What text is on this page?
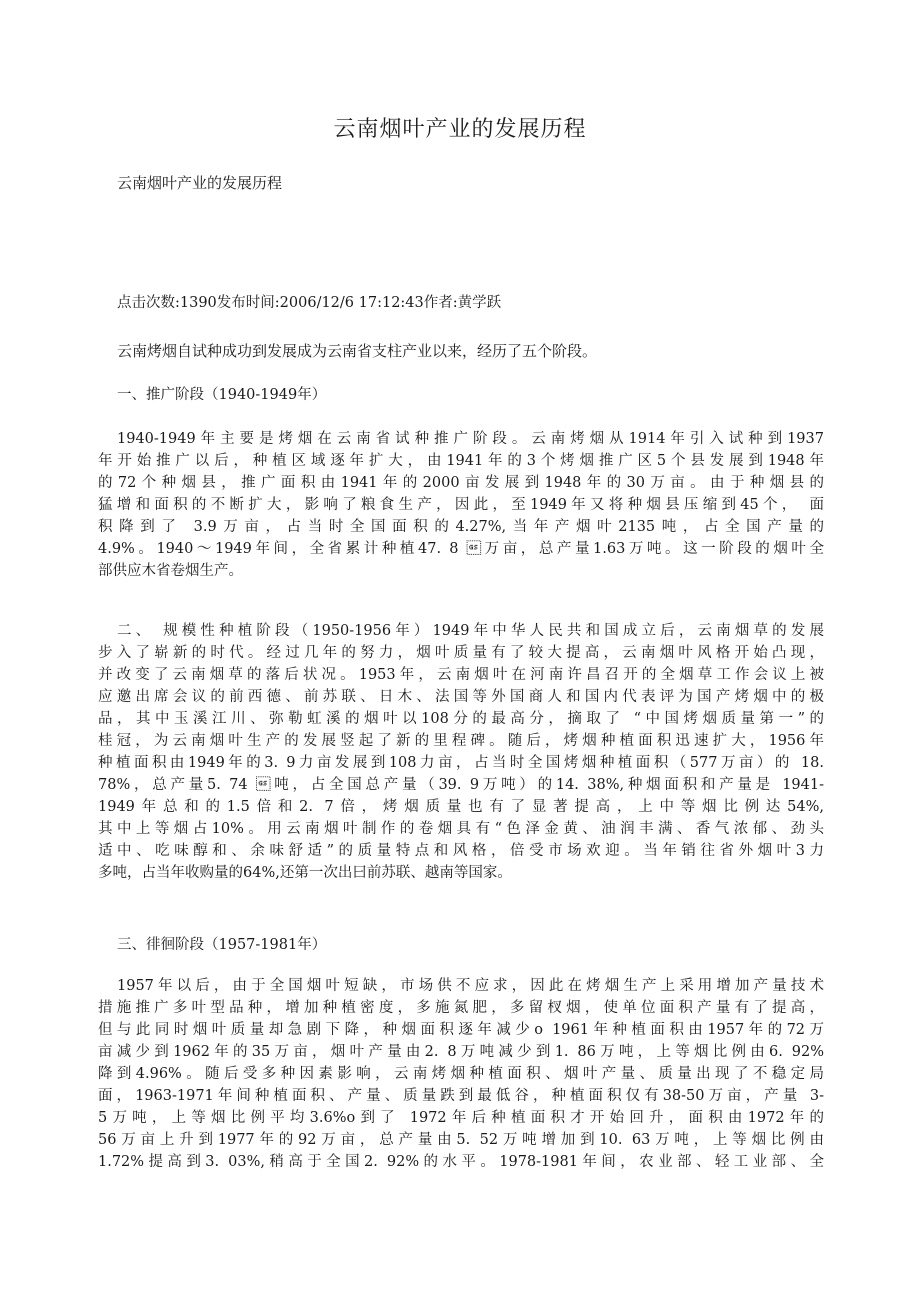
云南烟叶产业的发展历程

云南烟叶产业的发展历程

点击次数:1390发布时间:2006/12/6 17:12:43作者:黄学跃

云南烤烟自试种成功到发展成为云南省支柱产业以来，经历了五个阶段。

一、推广阶段（1940-1949年）

1940-1949年主要是烤烟在云南省试种推广阶段。云南烤烟从1914年引入试种到1937
年开始推广以后，种植区域逐年扩大，由1941年的3个烤烟推广区5个县发展到1948年
的72个种烟县，推广面积由1941年的2000亩发展到1948年的30万亩。由于种烟县的
猛增和面积的不断扩大，影响了粮食生产，因此，至1949年又将种烟县压缩到45个， 面
积降到了 3.9万亩，占当时全国面积的4.27%,当年产烟叶2135吨，占全国产量的
4.9%。1940〜1949年间，全省累计种植47. 8 万亩，总产量1.63万吨。这一阶段的烟叶全
部供应木省卷烟生产。
二、 规模性种植阶段（1950-1956年）1949年中华人民共和国成立后，云南烟草的发展
步入了崭新的时代。经过几年的努力，烟叶质量有了较大提高，云南烟叶风格开始凸现，
并改变了云南烟草的落后状况。1953年，云南烟叶在河南许昌召开的全烟草工作会议上被
应邀出席会议的前西德、前苏联、日木、法国等外国商人和国内代表评为国产烤烟中的极
品，其中玉溪江川、弥勒虹溪的烟叶以108分的最高分，摘取了 “中国烤烟质量第一”的
桂冠，为云南烟叶生产的发展竖起了新的里程碑。随后，烤烟种植面积迅速扩大，1956年
种植面积由1949年的3. 9力亩发展到108力亩，占当时全国烤烟种植面积（577万亩）的 18.
78%，总产量5. 74 吨，占全国总产量（39. 9万吨）的14. 38%,种烟面积和产量是 1941-
1949年总和的1.5倍和2. 7倍，烤烟质量也有了显著提高，上中等烟比例达54%,
其中上等烟占10%。用云南烟叶制作的卷烟具有“色泽金黄、油润丰满、香气浓郁、劲头
适中、吃味醇和、余味舒适”的质量特点和风格，倍受市场欢迎。当年销往省外烟叶3力
多吨，占当年收购量的64%,还第一次出曰前苏联、越南等国家。

三、徘徊阶段（1957-1981年）

1957年以后，由于全国烟叶短缺，市场供不应求，因此在烤烟生产上采用增加产量技术
措施推广多叶型品种，增加种植密度，多施氮肥，多留杈烟，使单位面积产量有了提高，
但与此同时烟叶质量却急剧下降，种烟面积逐年减少o 1961年种植面积由1957年的72万
亩减少到1962年的35万亩，烟叶产量由2. 8万吨减少到1. 86万吨，上等烟比例由6. 92%
降到4.96%。随后受多种因素影响，云南烤烟种植面积、烟叶产量、质量出现了不稳定局
面，1963-1971年间种植面积、产量、质量跌到最低谷，种植面积仅有38-50万亩，产量 3-
5万吨，上等烟比例平均3.6%o到了 1972年后种植面积才开始回升，面积由1972年的
56万亩上升到1977年的92万亩，总产量由5. 52万吨增加到10. 63万吨，上等烟比例由
1.72%提高到3. 03%,稍高于全国2. 92%的水平。1978-1981年间，农业部、轻工业部、全
